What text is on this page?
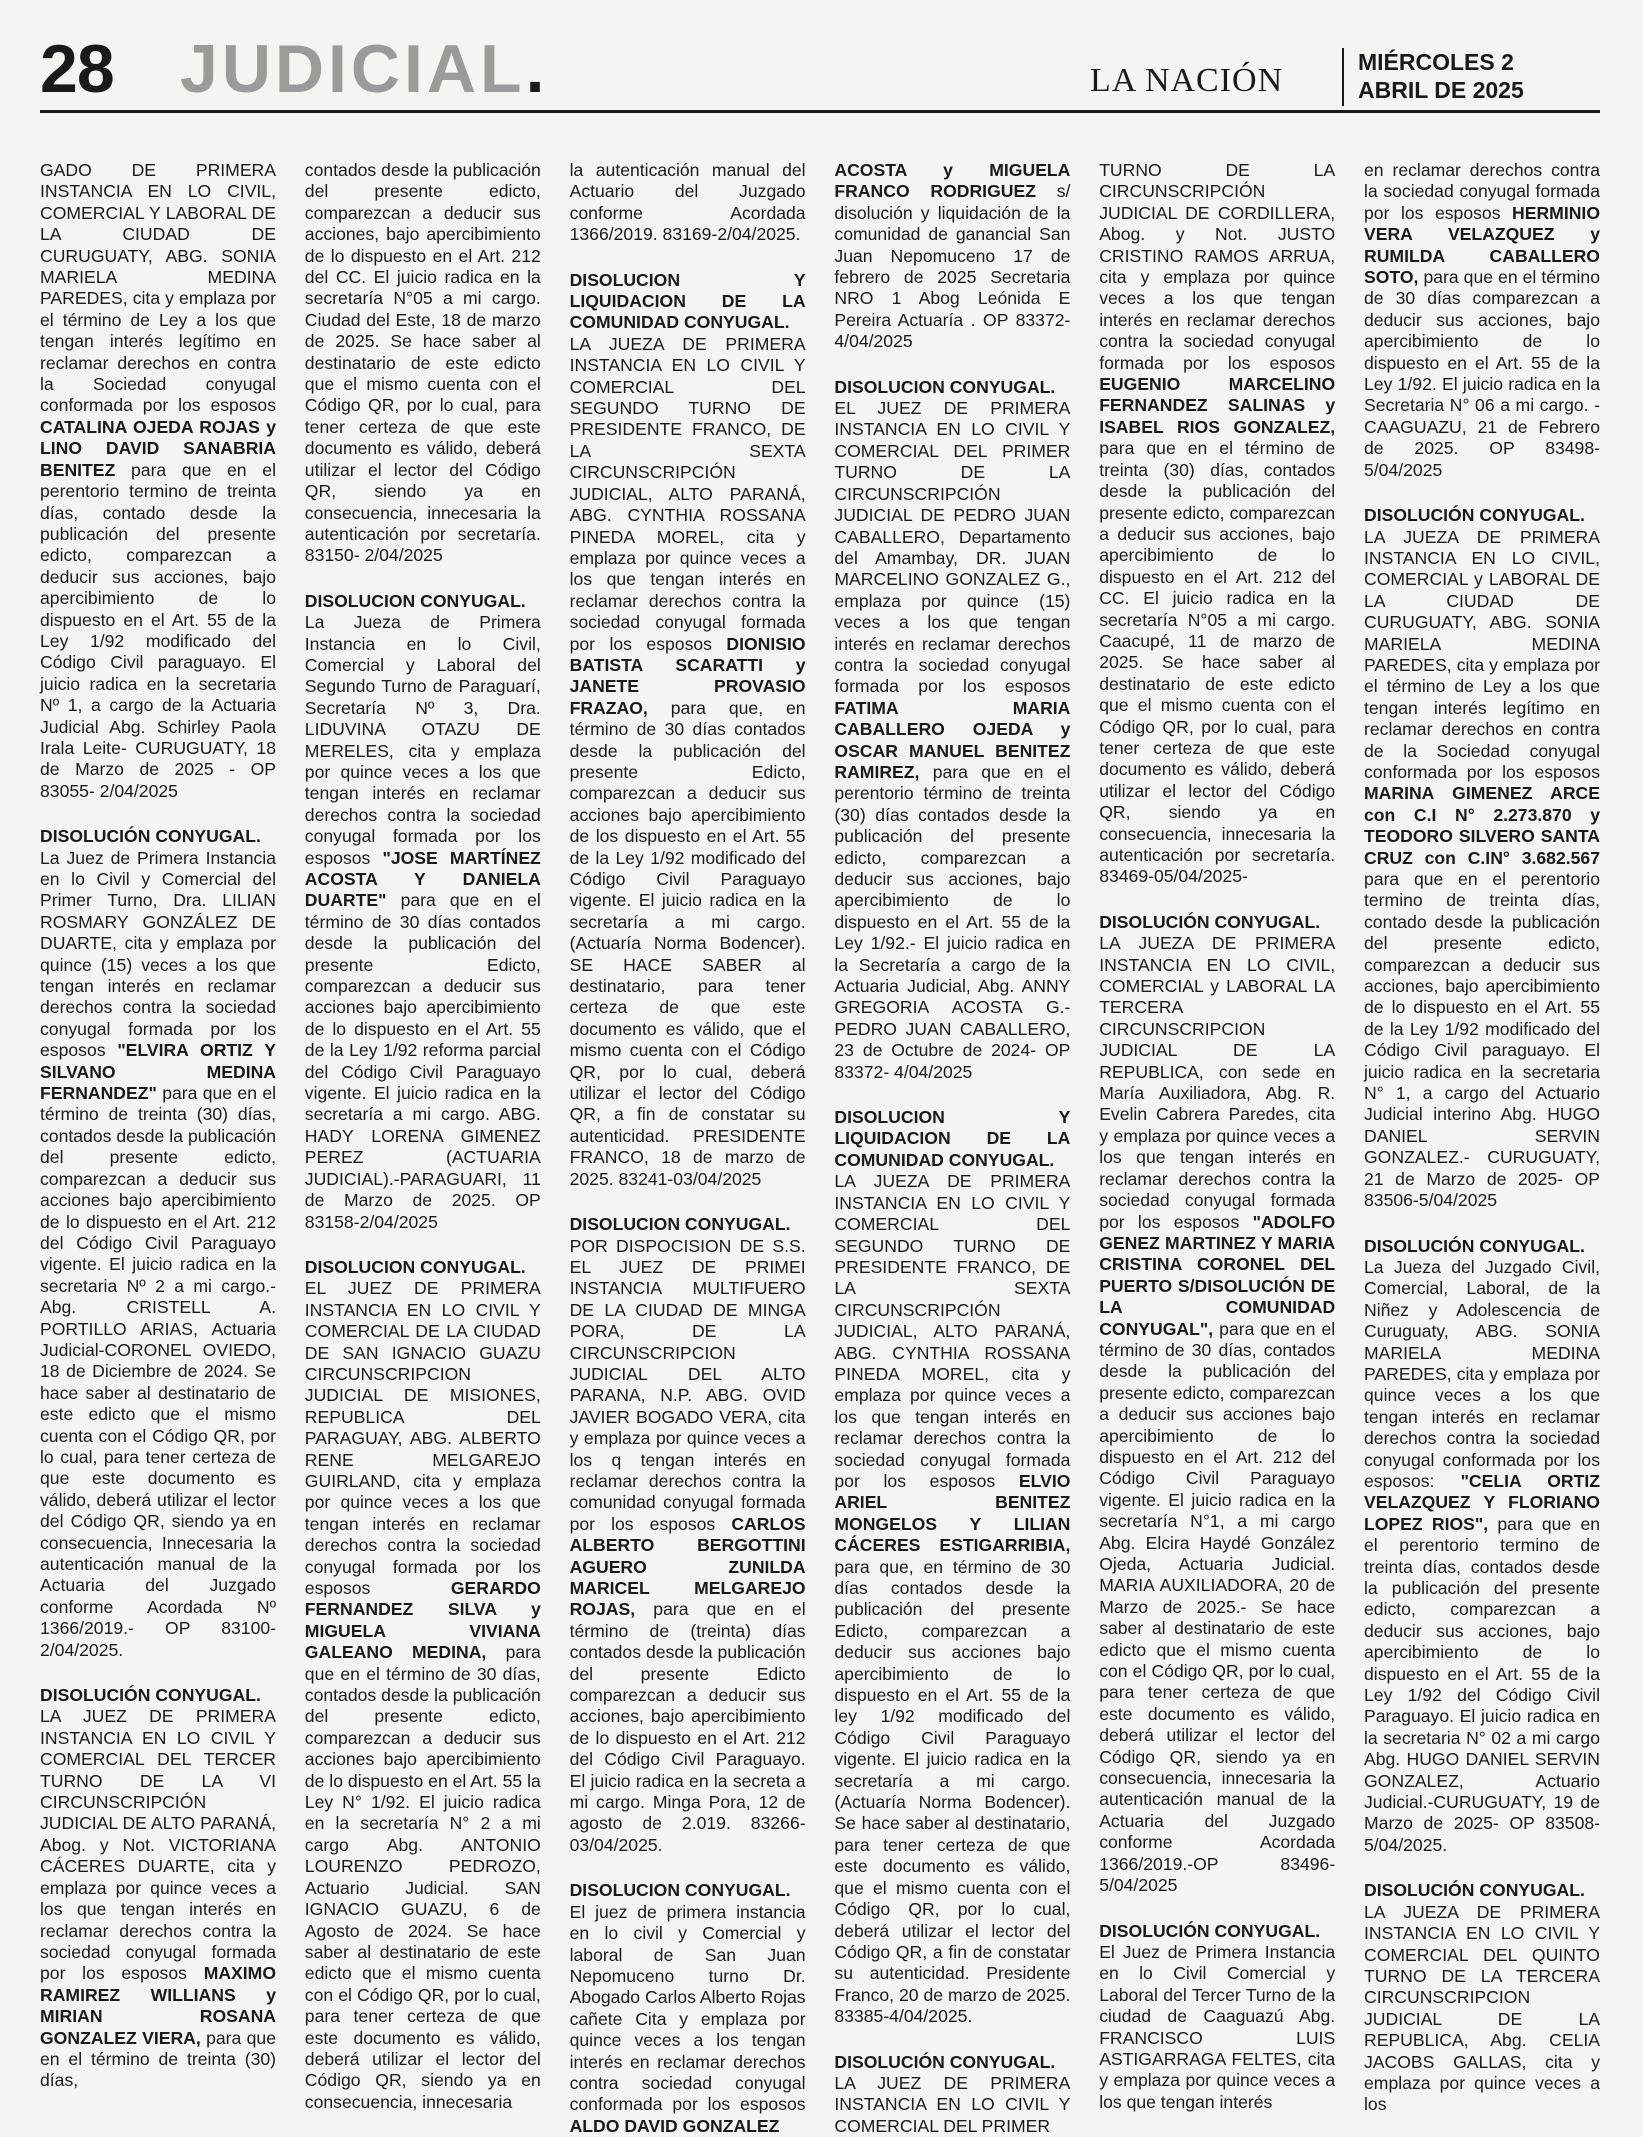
28 JUDICIAL.	LA NACIÓN	MIÉRCOLES 2
ABRIL DE 2025

GADO DE PRIMERA INSTANCIA EN LO CIVIL, COMERCIAL Y LABORAL DE LA CIUDAD DE CURUGUATY, ABG. SONIA MARIELA MEDINA PAREDES, cita y emplaza por el término de Ley a los que tengan interés legítimo en reclamar derechos en contra la Sociedad conyugal conformada por los esposos CATALINA OJEDA ROJAS y LINO DAVID SANABRIA BENITEZ para que en el perentorio termino de treinta días, contado desde la publicación del presente edicto, comparezcan a deducir sus acciones, bajo apercibimiento de lo dispuesto en el Art. 55 de la Ley 1/92 modificado del Código Civil paraguayo. El juicio radica en la secretaria Nº 1, a cargo de la Actuaria Judicial Abg. Schirley Paola Irala Leite- CURUGUATY, 18 de Marzo de 2025 - OP 83055- 2/04/2025

DISOLUCIÓN CONYUGAL.
La Juez de Primera Instancia en lo Civil y Comercial del Primer Turno, Dra. LILIAN ROSMARY GONZÁLEZ DE DUARTE, cita y emplaza por quince (15) veces a los que tengan interés en reclamar derechos contra la sociedad conyugal formada por los esposos "ELVIRA ORTIZ Y SILVANO MEDINA FERNANDEZ" para que en el término de treinta (30) días, contados desde la publicación del presente edicto, comparezcan a deducir sus acciones bajo apercibimiento de lo dispuesto en el Art. 212 del Código Civil Paraguayo vigente. El juicio radica en la secretaria Nº 2 a mi cargo.- Abg. CRISTELL A. PORTILLO ARIAS, Actuaria Judicial-CORONEL OVIEDO, 18 de Diciembre de 2024. Se hace saber al destinatario de este edicto que el mismo cuenta con el Código QR, por lo cual, para tener certeza de que este documento es válido, deberá utilizar el lector del Código QR, siendo ya en consecuencia, Innecesaria la autenticación manual de la Actuaria del Juzgado conforme Acordada Nº 1366/2019.- OP 83100-2/04/2025.

DISOLUCIÓN CONYUGAL.
LA JUEZ DE PRIMERA INSTANCIA EN LO CIVIL Y COMERCIAL DEL TERCER TURNO DE LA VI CIRCUNSCRIPCIÓN JUDICIAL DE ALTO PARANÁ, Abog. y Not. VICTORIANA CÁCERES DUARTE, cita y emplaza por quince veces a los que tengan interés en reclamar derechos contra la sociedad conyugal formada por los esposos MAXIMO RAMIREZ WILLIANS y MIRIAN ROSANA GONZALEZ VIERA, para que en el término de treinta (30) días,

contados desde la publicación del presente edicto, comparezcan a deducir sus acciones, bajo apercibimiento de lo dispuesto en el Art. 212 del CC. El juicio radica en la secretaría N°05 a mi cargo. Ciudad del Este, 18 de marzo de 2025. Se hace saber al destinatario de este edicto que el mismo cuenta con el Código QR, por lo cual, para tener certeza de que este documento es válido, deberá utilizar el lector del Código QR, siendo ya en consecuencia, innecesaria la autenticación por secretaría. 83150- 2/04/2025

DISOLUCION CONYUGAL.
La Jueza de Primera Instancia en lo Civil, Comercial y Laboral del Segundo Turno de Paraguarí, Secretaría Nº 3, Dra. LIDUVINA OTAZU DE MERELES, cita y emplaza por quince veces a los que tengan interés en reclamar derechos contra la sociedad conyugal formada por los esposos "JOSE MARTÍNEZ ACOSTA Y DANIELA DUARTE" para que en el término de 30 días contados desde la publicación del presente Edicto, comparezcan a deducir sus acciones bajo apercibimiento de lo dispuesto en el Art. 55 de la Ley 1/92 reforma parcial del Código Civil Paraguayo vigente. El juicio radica en la secretaría a mi cargo. ABG. HADY LORENA GIMENEZ PEREZ (ACTUARIA JUDICIAL).-PARAGUARI, 11 de Marzo de 2025. OP 83158-2/04/2025

DISOLUCION CONYUGAL.
EL JUEZ DE PRIMERA INSTANCIA EN LO CIVIL Y COMERCIAL DE LA CIUDAD DE SAN IGNACIO GUAZU CIRCUNSCRIPCION JUDICIAL DE MISIONES, REPUBLICA DEL PARAGUAY, ABG. ALBERTO RENE MELGAREJO GUIRLAND, cita y emplaza por quince veces a los que tengan interés en reclamar derechos contra la sociedad conyugal formada por los esposos	GERARDO FERNANDEZ SILVA y MIGUELA VIVIANA GALEANO MEDINA, para que en el término de 30 días, contados desde la publicación del presente edicto, comparezcan a deducir sus acciones bajo apercibimiento de lo dispuesto en el Art. 55 la Ley N° 1/92. El juicio radica en la secretaría N° 2 a mi cargo Abg. ANTONIO LOURENZO PEDROZO, Actuario Judicial. SAN IGNACIO GUAZU, 6 de Agosto de 2024. Se hace saber al destinatario de este edicto que el mismo cuenta con el Código QR, por lo cual, para tener certeza de que este documento es válido, deberá utilizar el lector del Código QR, siendo ya en consecuencia, innecesaria

la autenticación manual del Actuario del Juzgado conforme Acordada 1366/2019. 83169-2/04/2025.

DISOLUCION Y LIQUIDACION DE LA COMUNIDAD CONYUGAL.
LA JUEZA DE PRIMERA INSTANCIA EN LO CIVIL Y COMERCIAL DEL SEGUNDO TURNO DE PRESIDENTE FRANCO, DE LA SEXTA CIRCUNSCRIPCIÓN JUDICIAL, ALTO PARANÁ, ABG. CYNTHIA ROSSANA PINEDA MOREL, cita y emplaza por quince veces a los que tengan interés en reclamar derechos contra la sociedad conyugal formada por los esposos DIONISIO BATISTA SCARATTI y JANETE PROVASIO FRAZAO, para que, en término de 30 días contados desde la publicación del presente Edicto, comparezcan a deducir sus acciones bajo apercibimiento de los dispuesto en el Art. 55 de la Ley 1/92 modificado del Código Civil Paraguayo vigente. El juicio radica en la secretaría a mi cargo. (Actuaría Norma Bodencer). SE HACE SABER al destinatario, para tener certeza de que este documento es válido, que el mismo cuenta con el Código QR, por lo cual, deberá utilizar el lector del Código QR, a fin de constatar su autenticidad. PRESIDENTE FRANCO, 18 de marzo de 2025. 83241-03/04/2025

DISOLUCION CONYUGAL.
POR DISPOCISION DE S.S. EL JUEZ DE PRIMEI INSTANCIA MULTIFUERO DE LA CIUDAD DE MINGA PORA, DE LA CIRCUNSCRIPCION JUDICIAL DEL ALTO PARANA, N.P. ABG. OVID JAVIER BOGADO VERA, cita y emplaza por quince veces a los q tengan interés en reclamar derechos contra la comunidad conyugal formada por los esposos CARLOS ALBERTO BERGOTTINI AGUERO ZUNILDA MARICEL MELGAREJO ROJAS, para que en el término de (treinta) días contados desde la publicación del presente Edicto comparezcan a deducir sus acciones, bajo apercibimiento de lo dispuesto en el Art. 212 del Código Civil Paraguayo. El juicio radica en la secreta a mi cargo. Minga Pora, 12 de agosto de 2.019. 83266-03/04/2025.

DISOLUCION CONYUGAL.
El juez de primera instancia en lo civil y Comercial y laboral de San Juan Nepomuceno turno Dr. Abogado Carlos Alberto Rojas cañete Cita y emplaza por quince veces a los tengan interés en reclamar derechos contra sociedad conyugal conformada por los esposos ALDO DAVID GONZALEZ

ACOSTA y MIGUELA FRANCO RODRIGUEZ s/ disolución y liquidación de la comunidad de ganancial San Juan Nepomuceno 17 de febrero de 2025 Secretaria NRO 1 Abog Leónida E Pereira Actuaría . OP 83372- 4/04/2025

DISOLUCION CONYUGAL.
EL JUEZ DE PRIMERA INSTANCIA EN LO CIVIL Y COMERCIAL DEL PRIMER TURNO DE LA CIRCUNSCRIPCIÓN JUDICIAL DE PEDRO JUAN CABALLERO, Departamento del Amambay, DR. JUAN MARCELINO GONZALEZ G., emplaza por quince (15) veces a los que tengan interés en reclamar derechos contra la sociedad conyugal formada por los esposos FATIMA MARIA CABALLERO OJEDA y OSCAR MANUEL BENITEZ RAMIREZ, para que en el perentorio término de treinta (30) días contados desde la publicación del presente edicto, comparezcan a deducir sus acciones, bajo apercibimiento de lo dispuesto en el Art. 55 de la Ley 1/92.- El juicio radica en la Secretaría a cargo de la Actuaria Judicial, Abg. ANNY GREGORIA ACOSTA G.-PEDRO JUAN CABALLERO, 23 de Octubre de 2024- OP 83372- 4/04/2025

DISOLUCION Y LIQUIDACION DE LA COMUNIDAD CONYUGAL.
LA JUEZA DE PRIMERA INSTANCIA EN LO CIVIL Y COMERCIAL DEL SEGUNDO TURNO DE PRESIDENTE FRANCO, DE LA SEXTA CIRCUNSCRIPCIÓN JUDICIAL, ALTO PARANÁ, ABG. CYNTHIA ROSSANA PINEDA MOREL, cita y emplaza por quince veces a los que tengan interés en reclamar derechos contra la sociedad conyugal formada por los esposos ELVIO ARIEL BENITEZ MONGELOS Y LILIAN CÁCERES ESTIGARRIBIA, para que, en término de 30 días contados desde la publicación del presente Edicto, comparezcan a deducir sus acciones bajo apercibimiento de lo dispuesto en el Art. 55 de la ley 1/92 modificado del Código Civil Paraguayo vigente. El juicio radica en la secretaría a mi cargo. (Actuaría Norma Bodencer). Se hace saber al destinatario, para tener certeza de que este documento es válido, que el mismo cuenta con el Código QR, por lo cual, deberá utilizar el lector del Código QR, a fin de constatar su autenticidad. Presidente Franco, 20 de marzo de 2025. 83385-4/04/2025.

DISOLUCIÓN CONYUGAL.
LA JUEZ DE PRIMERA INSTANCIA EN LO CIVIL Y COMERCIAL DEL PRIMER

TURNO DE LA CIRCUNSCRIPCIÓN JUDICIAL DE CORDILLERA, Abog. y Not. JUSTO CRISTINO RAMOS ARRUA, cita y emplaza por quince veces a los que tengan interés en reclamar derechos contra la sociedad conyugal formada por los esposos EUGENIO MARCELINO FERNANDEZ SALINAS y ISABEL RIOS GONZALEZ, para que en el término de treinta (30) días, contados desde la publicación del presente edicto, comparezcan a deducir sus acciones, bajo apercibimiento de lo dispuesto en el Art. 212 del CC. El juicio radica en la secretaría N°05 a mi cargo. Caacupé, 11 de marzo de 2025. Se hace saber al destinatario de este edicto que el mismo cuenta con el Código QR, por lo cual, para tener certeza de que este documento es válido, deberá utilizar el lector del Código QR, siendo ya en consecuencia, innecesaria la autenticación por secretaría. 83469-05/04/2025-

DISOLUCIÓN CONYUGAL.
LA JUEZA DE PRIMERA INSTANCIA EN LO CIVIL, COMERCIAL y LABORAL LA TERCERA CIRCUNSCRIPCION JUDICIAL DE LA REPUBLICA, con sede en María Auxiliadora, Abg. R. Evelin Cabrera Paredes, cita y emplaza por quince veces a los que tengan interés en reclamar derechos contra la sociedad conyugal formada por los esposos "ADOLFO GENEZ MARTINEZ Y MARIA CRISTINA CORONEL DEL PUERTO S/DISOLUCIÓN DE LA COMUNIDAD CONYUGAL", para que en el término de 30 días, contados desde la publicación del presente edicto, comparezcan a deducir sus acciones bajo apercibimiento de lo dispuesto en el Art. 212 del Código Civil Paraguayo vigente. El juicio radica en la secretaría N°1, a mi cargo Abg. Elcira Haydé González Ojeda, Actuaria Judicial. MARIA AUXILIADORA, 20 de Marzo de 2025.- Se hace saber al destinatario de este edicto que el mismo cuenta con el Código QR, por lo cual, para tener certeza de que este documento es válido, deberá utilizar el lector del Código QR, siendo ya en consecuencia, innecesaria la autenticación manual de la Actuaria del Juzgado conforme Acordada 1366/2019.-OP 83496-5/04/2025

DISOLUCIÓN CONYUGAL.
El Juez de Primera Instancia en lo Civil Comercial y Laboral del Tercer Turno de la ciudad de Caaguazú Abg. FRANCISCO LUIS ASTIGARRAGA FELTES, cita y emplaza por quince veces a los que tengan interés

en reclamar derechos contra la sociedad conyugal formada por los esposos HERMINIO VERA VELAZQUEZ y RUMILDA CABALLERO SOTO, para que en el término de 30 días comparezcan a deducir sus acciones, bajo apercibimiento de lo dispuesto en el Art. 55 de la Ley 1/92. El juicio radica en la Secretaria N° 06 a mi cargo. - CAAGUAZU, 21 de Febrero de 2025. OP 83498- 5/04/2025

DISOLUCIÓN CONYUGAL.
LA JUEZA DE PRIMERA INSTANCIA EN LO CIVIL, COMERCIAL y LABORAL DE LA CIUDAD DE CURUGUATY, ABG. SONIA MARIELA MEDINA PAREDES, cita y emplaza por el término de Ley a los que tengan interés legítimo en reclamar derechos en contra de la Sociedad conyugal conformada por los esposos MARINA GIMENEZ ARCE con C.I N° 2.273.870 y TEODORO SILVERO SANTA CRUZ con C.IN° 3.682.567 para que en el perentorio termino de treinta días, contado desde la publicación del presente edicto, comparezcan a deducir sus acciones, bajo apercibimiento de lo dispuesto en el Art. 55 de la Ley 1/92 modificado del Código Civil paraguayo. El juicio radica en la secretaria N° 1, a cargo del Actuario Judicial interino Abg. HUGO DANIEL SERVIN GONZALEZ.- CURUGUATY, 21 de Marzo de 2025- OP 83506-5/04/2025

DISOLUCIÓN CONYUGAL.
La Jueza del Juzgado Civil, Comercial, Laboral, de la Niñez y Adolescencia de Curuguaty, ABG. SONIA MARIELA MEDINA PAREDES, cita y emplaza por quince veces a los que tengan interés en reclamar derechos contra la sociedad conyugal conformada por los esposos: "CELIA ORTIZ VELAZQUEZ Y FLORIANO LOPEZ RIOS", para que en el perentorio termino de treinta días, contados desde la publicación del presente edicto, comparezcan a deducir sus acciones, bajo apercibimiento de lo dispuesto en el Art. 55 de la Ley 1/92 del Código Civil Paraguayo. El juicio radica en la secretaria N° 02 a mi cargo Abg. HUGO DANIEL SERVIN GONZALEZ, Actuario Judicial.-CURUGUATY, 19 de Marzo de 2025- OP 83508- 5/04/2025.

DISOLUCIÓN CONYUGAL.
LA JUEZA DE PRIMERA INSTANCIA EN LO CIVIL Y COMERCIAL DEL QUINTO TURNO DE LA TERCERA CIRCUNSCRIPCION JUDICIAL DE LA REPUBLICA, Abg. CELIA JACOBS GALLAS, cita y emplaza por quince veces a los
